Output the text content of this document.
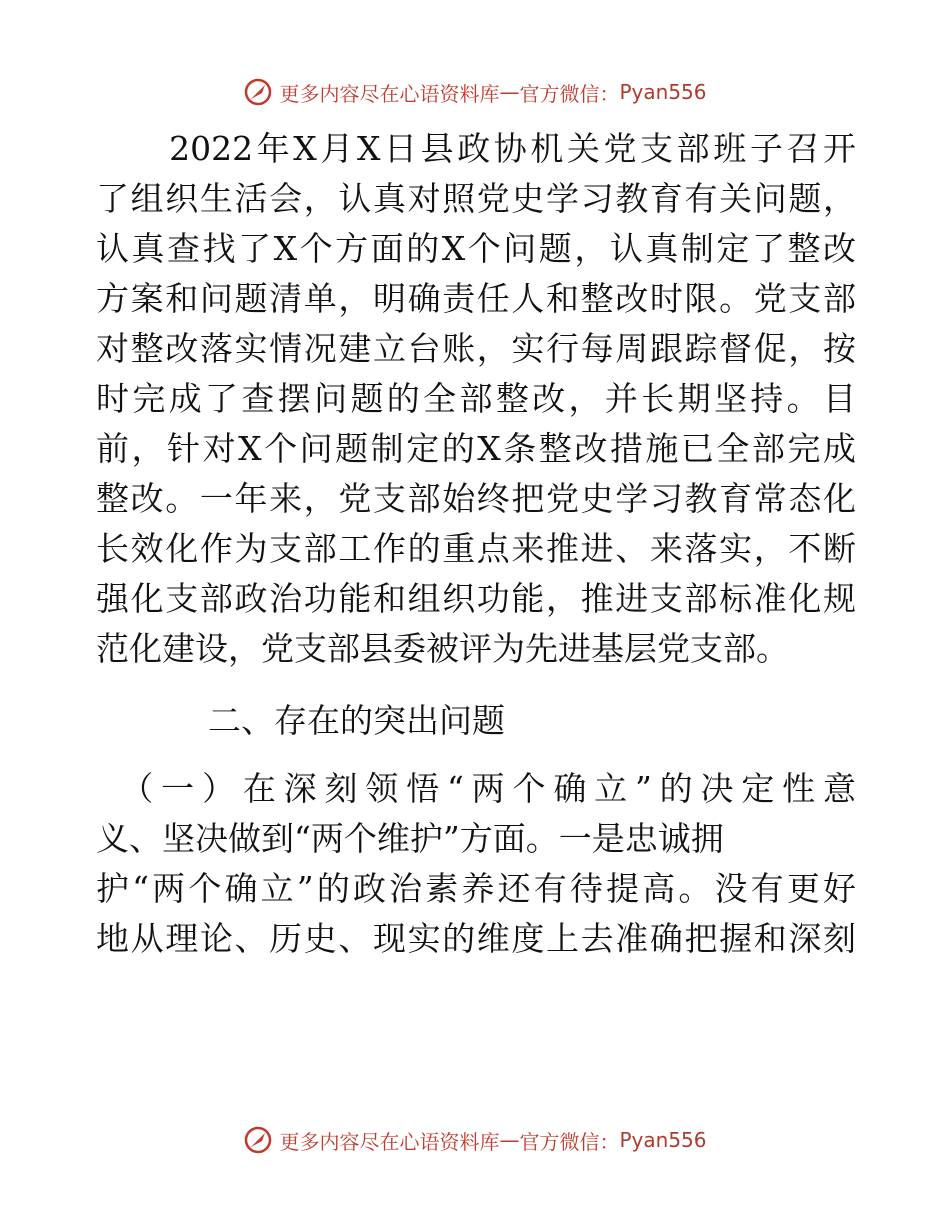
更多内容尽在心语资料库 — 官方微信： Pyan556

　　2022年X月X日县政协机关党支部班子召开
了组织生活会，认真对照党史学习教育有关问题，
认真查找了X个方面的X个问题，认真制定了整改
方案和问题清单，明确责任人和整改时限。党支部
对整改落实情况建立台账，实行每周跟踪督促，按
时完成了查摆问题的全部整改，并长期坚持。目
前，针对X个问题制定的X条整改措施已全部完成
整改。一年来，党支部始终把党史学习教育常态化
长效化作为支部工作的重点来推进、来落实，不断
强化支部政治功能和组织功能，推进支部标准化规
范化建设，党支部县委被评为先进基层党支部。

二、存在的突出问题

　（一）在深刻领悟“两个确立”的决定性意
义、坚决做到“两个维护”方面。一是忠诚拥
护“两个确立”的政治素养还有待提高。没有更好
地从理论、历史、现实的维度上去准确把握和深刻

更多内容尽在心语资料库 — 官方微信： Pyan556
